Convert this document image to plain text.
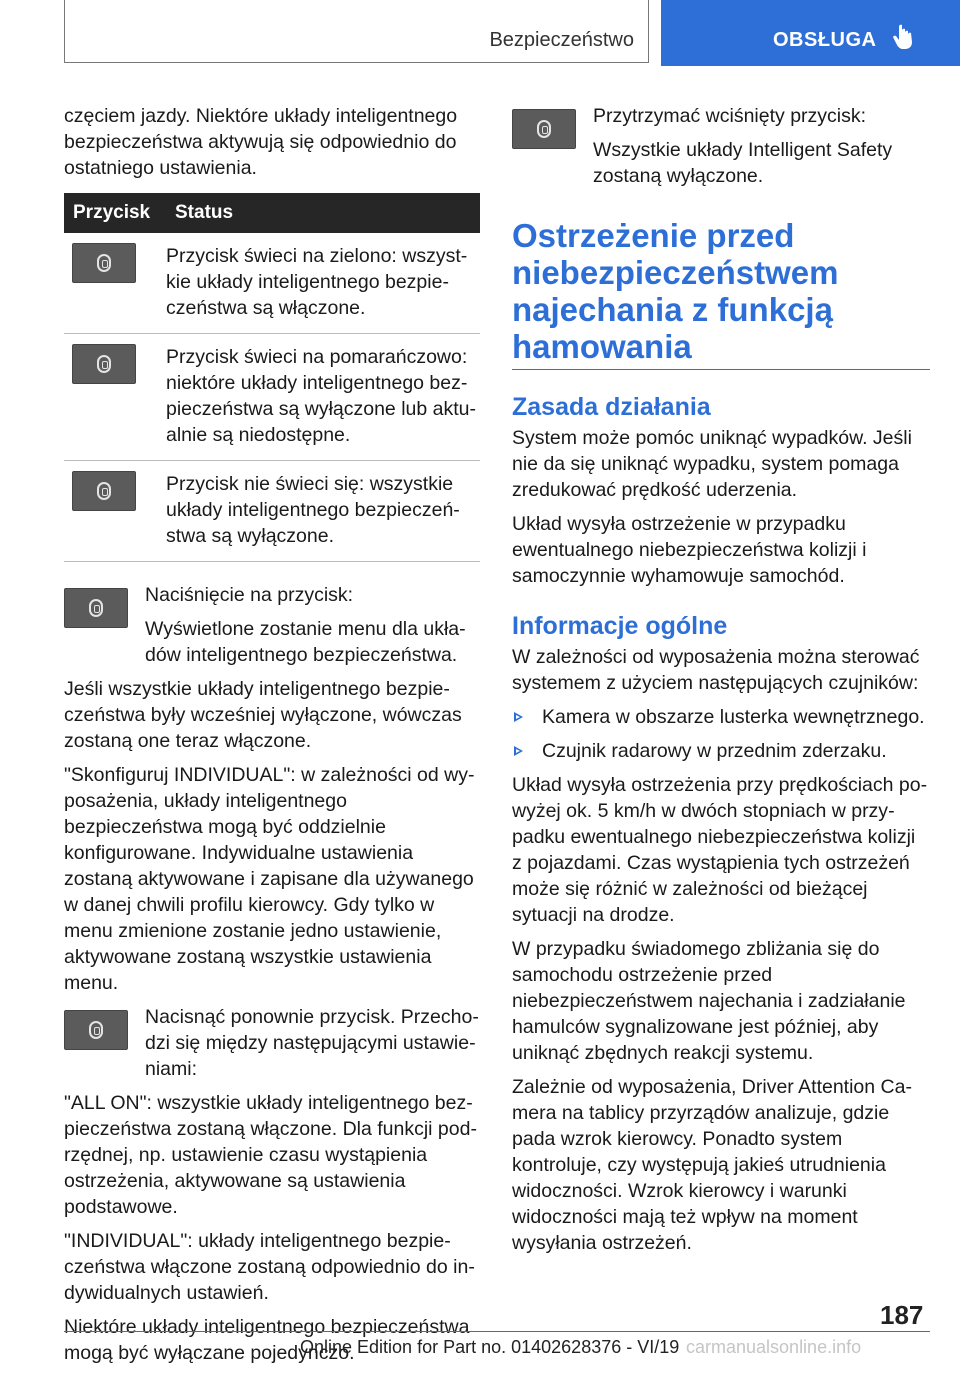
Bezpieczeństwo	OBSŁUGA

częciem jazdy. Niektóre układy inteligentnego bezpieczeństwa aktywują się odpowiednio do ostatniego ustawienia.

Przycisk	Status

	Przycisk świeci na zielono: wszystkie układy inteligentnego bezpieczeństwa są włączone.

	Przycisk świeci na pomarańczowo: niektóre układy inteligentnego bezpieczeństwa są wyłączone lub aktualnie są niedostępne.

	Przycisk nie świeci się: wszystkie układy inteligentnego bezpieczeństwa są wyłączone.

Naciśnięcie na przycisk:

Wyświetlone zostanie menu dla układów inteligentnego bezpieczeństwa.

Jeśli wszystkie układy inteligentnego bezpieczeństwa były wcześniej wyłączone, wówczas zostaną one teraz włączone.

"Skonfiguruj INDIVIDUAL": w zależności od wyposażenia, układy inteligentnego bezpieczeństwa mogą być oddzielnie konfigurowane. Indywidualne ustawienia zostaną aktywowane i zapisane dla używanego w danej chwili profilu kierowcy. Gdy tylko w menu zmienione zostanie jedno ustawienie, aktywowane zostaną wszystkie ustawienia menu.

Nacisnąć ponownie przycisk. Przechodzi się między następującymi ustawieniami:

"ALL ON": wszystkie układy inteligentnego bezpieczeństwa zostaną włączone. Dla funkcji podrzędnej, np. ustawienie czasu wystąpienia ostrzeżenia, aktywowane są ustawienia podstawowe.

"INDIVIDUAL": układy inteligentnego bezpieczeństwa włączone zostaną odpowiednio do indywidualnych ustawień.

Niektóre układy inteligentnego bezpieczeństwa mogą być wyłączane pojedynczo.

Przytrzymać wciśnięty przycisk:

Wszystkie układy Intelligent Safety zostaną wyłączone.

Ostrzeżenie przed niebezpieczeństwem najechania z funkcją hamowania
Zasada działania

System może pomóc uniknąć wypadków. Jeśli nie da się uniknąć wypadku, system pomaga zredukować prędkość uderzenia.

Układ wysyła ostrzeżenie w przypadku ewentualnego niebezpieczeństwa kolizji i samoczynnie wyhamowuje samochód.

Informacje ogólne

W zależności od wyposażenia można sterować systemem z użyciem następujących czujników:

Kamera w obszarze lusterka wewnętrznego.
Czujnik radarowy w przednim zderzaku.

Układ wysyła ostrzeżenia przy prędkościach powyżej ok. 5 km/h w dwóch stopniach w przypadku ewentualnego niebezpieczeństwa kolizji z pojazdami. Czas wystąpienia tych ostrzeżeń może się różnić w zależności od bieżącej sytuacji na drodze.

W przypadku świadomego zbliżania się do samochodu ostrzeżenie przed niebezpieczeństwem najechania i zadziałanie hamulców sygnalizowane jest później, aby uniknąć zbędnych reakcji systemu.

Zależnie od wyposażenia, Driver Attention Camera na tablicy przyrządów analizuje, gdzie pada wzrok kierowcy. Ponadto system kontroluje, czy występują jakieś utrudnienia widoczności. Wzrok kierowcy i warunki widoczności mają też wpływ na moment wysyłania ostrzeżeń.

187
Online Edition for Part no. 01402628376 - VI/19 carmanualsonline.info
